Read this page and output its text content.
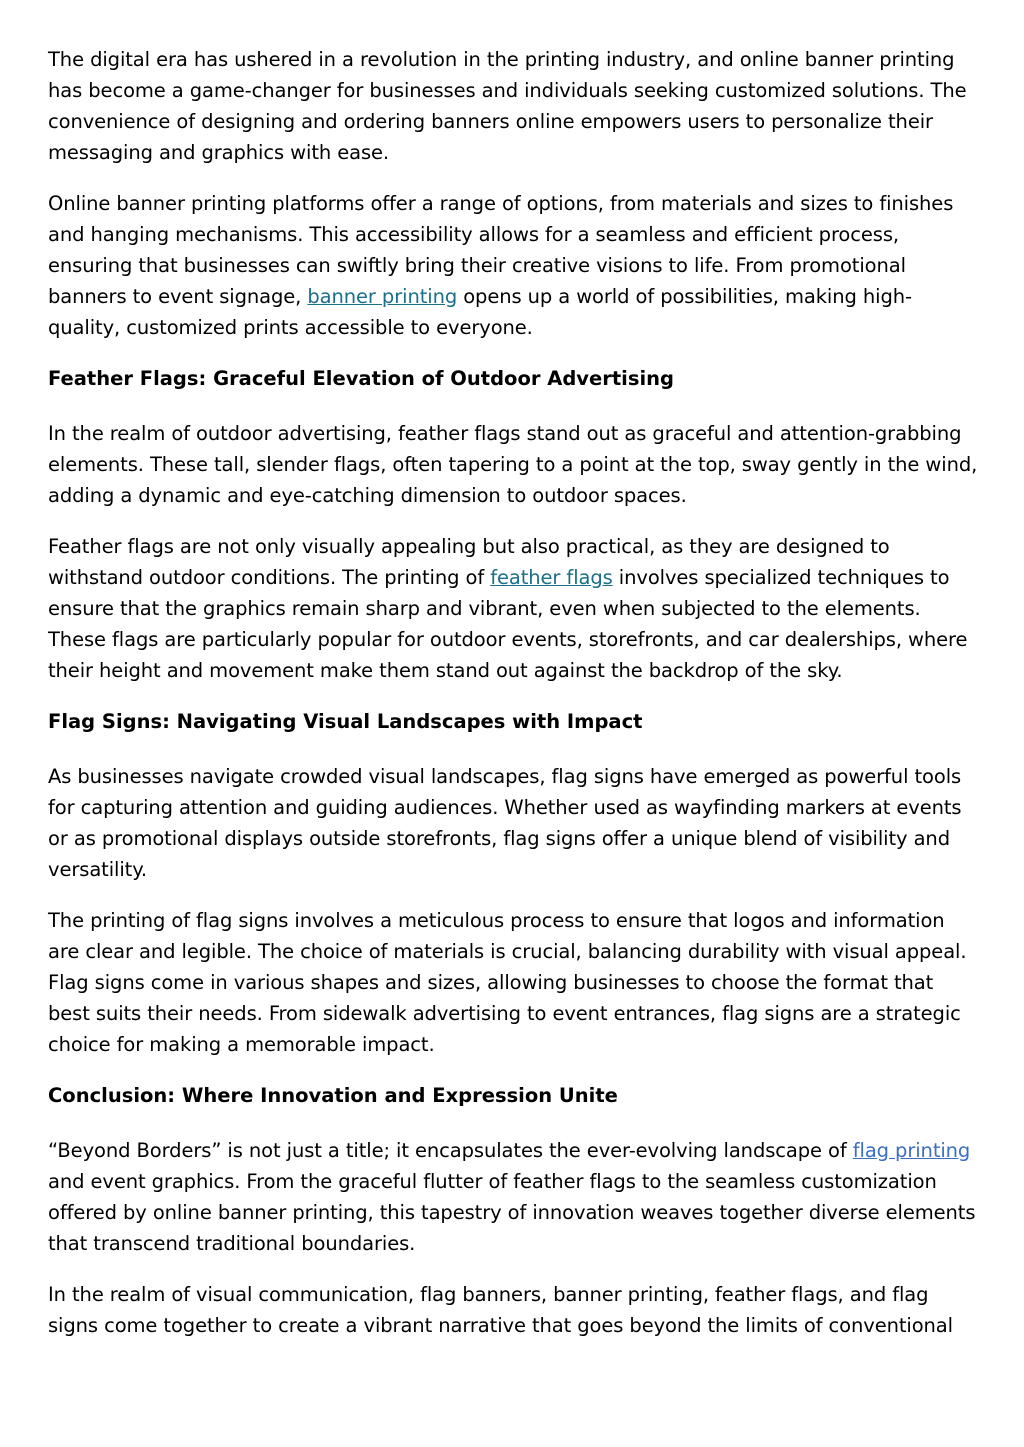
The digital era has ushered in a revolution in the printing industry, and online banner printing has become a game-changer for businesses and individuals seeking customized solutions. The convenience of designing and ordering banners online empowers users to personalize their messaging and graphics with ease.

Online banner printing platforms offer a range of options, from materials and sizes to finishes and hanging mechanisms. This accessibility allows for a seamless and efficient process, ensuring that businesses can swiftly bring their creative visions to life. From promotional banners to event signage, banner printing opens up a world of possibilities, making high-quality, customized prints accessible to everyone.

Feather Flags: Graceful Elevation of Outdoor Advertising

In the realm of outdoor advertising, feather flags stand out as graceful and attention-grabbing elements. These tall, slender flags, often tapering to a point at the top, sway gently in the wind, adding a dynamic and eye-catching dimension to outdoor spaces.

Feather flags are not only visually appealing but also practical, as they are designed to withstand outdoor conditions. The printing of feather flags involves specialized techniques to ensure that the graphics remain sharp and vibrant, even when subjected to the elements. These flags are particularly popular for outdoor events, storefronts, and car dealerships, where their height and movement make them stand out against the backdrop of the sky.

Flag Signs: Navigating Visual Landscapes with Impact

As businesses navigate crowded visual landscapes, flag signs have emerged as powerful tools for capturing attention and guiding audiences. Whether used as wayfinding markers at events or as promotional displays outside storefronts, flag signs offer a unique blend of visibility and versatility.

The printing of flag signs involves a meticulous process to ensure that logos and information are clear and legible. The choice of materials is crucial, balancing durability with visual appeal. Flag signs come in various shapes and sizes, allowing businesses to choose the format that best suits their needs. From sidewalk advertising to event entrances, flag signs are a strategic choice for making a memorable impact.

Conclusion: Where Innovation and Expression Unite

“Beyond Borders” is not just a title; it encapsulates the ever-evolving landscape of flag printing and event graphics. From the graceful flutter of feather flags to the seamless customization offered by online banner printing, this tapestry of innovation weaves together diverse elements that transcend traditional boundaries.

In the realm of visual communication, flag banners, banner printing, feather flags, and flag signs come together to create a vibrant narrative that goes beyond the limits of conventional
